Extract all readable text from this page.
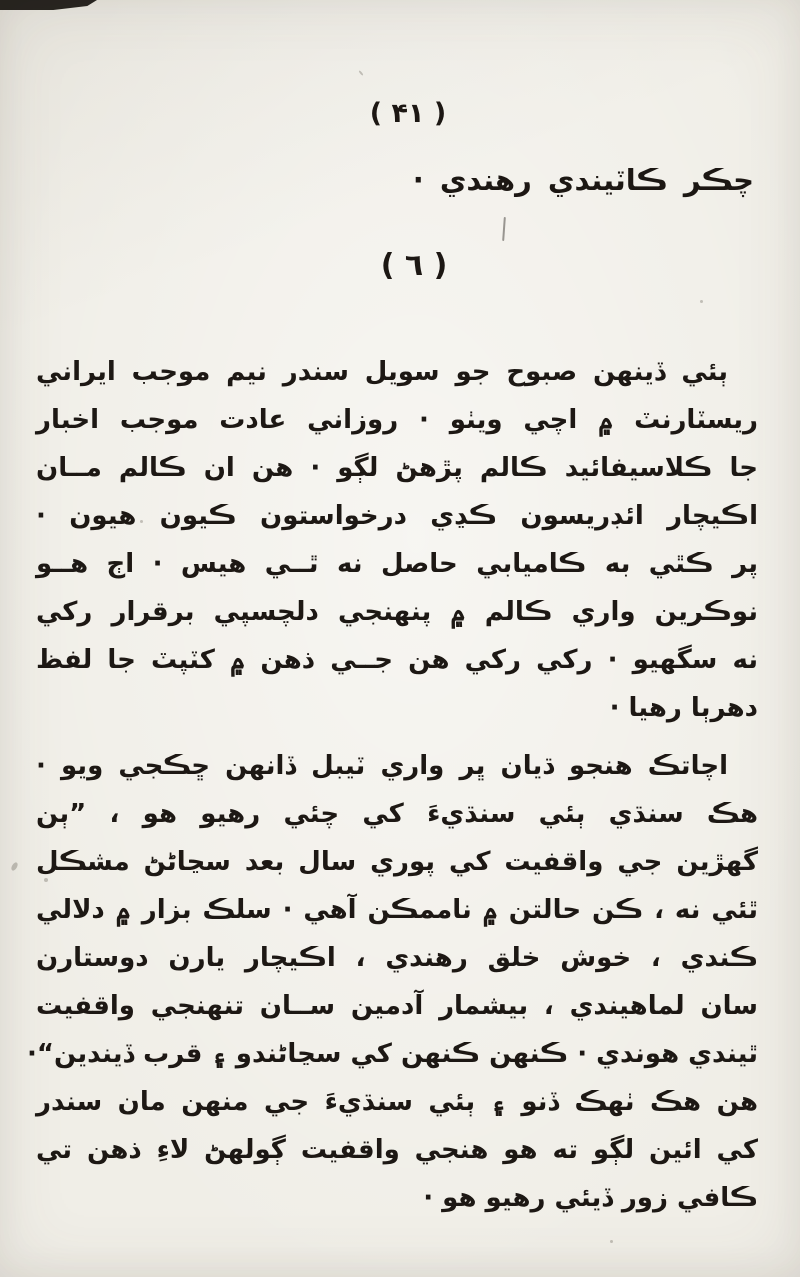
( ۴۱ )
چڪر ڪاٽيندي رهندي ·
( ٦ )
ٻئي ڏينهن صبوح جو سويل سندر نيم موجب ايراني
ريسٽارنٽ ۾ اچي ويٺو · روزاني عادت موجب اخبار
جا ڪلاسيفائيد ڪالم پڙهڻ لڳو · هن ان ڪالم مــان
اڪيچار ائڊريسون ڪڍي درخواستون ڪيون هيون ·
پر ڪٿي به ڪاميابي حاصل نه ٿــي هيس · اڄ هــو
نوڪرين واري ڪالم ۾ پنهنجي دلچسپي برقرار رکي
نه سگهيو · رکي رکي هن جــي ذهن ۾ کٽپٽ جا لفظ
دهرٻا رهيا ·
اچاتڪ هنجو ڌيان ڀر واري ٽيبل ڏانهن ڇڪجي ويو ·
هڪ سنڌي ٻئي سنڌيءَ کي چئي رهيو هو ، ”ٻن
گهڙين جي واقفيت کي پوري سال بعد سڃاڻڻ مشڪل
ٿئي نه ، ڪن حالتن ۾ ناممڪن آهي · سلڪ بزار ۾ دلالي
ڪندي ، خوش خلق رهندي ، اڪيچار يارن دوستارن
سان لماهيندي ، بيشمار آدمين ســان تنهنجي واقفيت
ٿيندي هوندي · ڪنهن ڪنهن کي سڃاڻندو ۽ قرب ڏيندين“·
هن هڪ ٺهڪ ڏنو ۽ ٻئي سنڌيءَ جي منهن مان سندر
کي ائين لڳو ته هو هنجي واقفيت ڳولهڻ لاءِ ذهن تي
ڪافي زور ڏيئي رهيو هو ·
